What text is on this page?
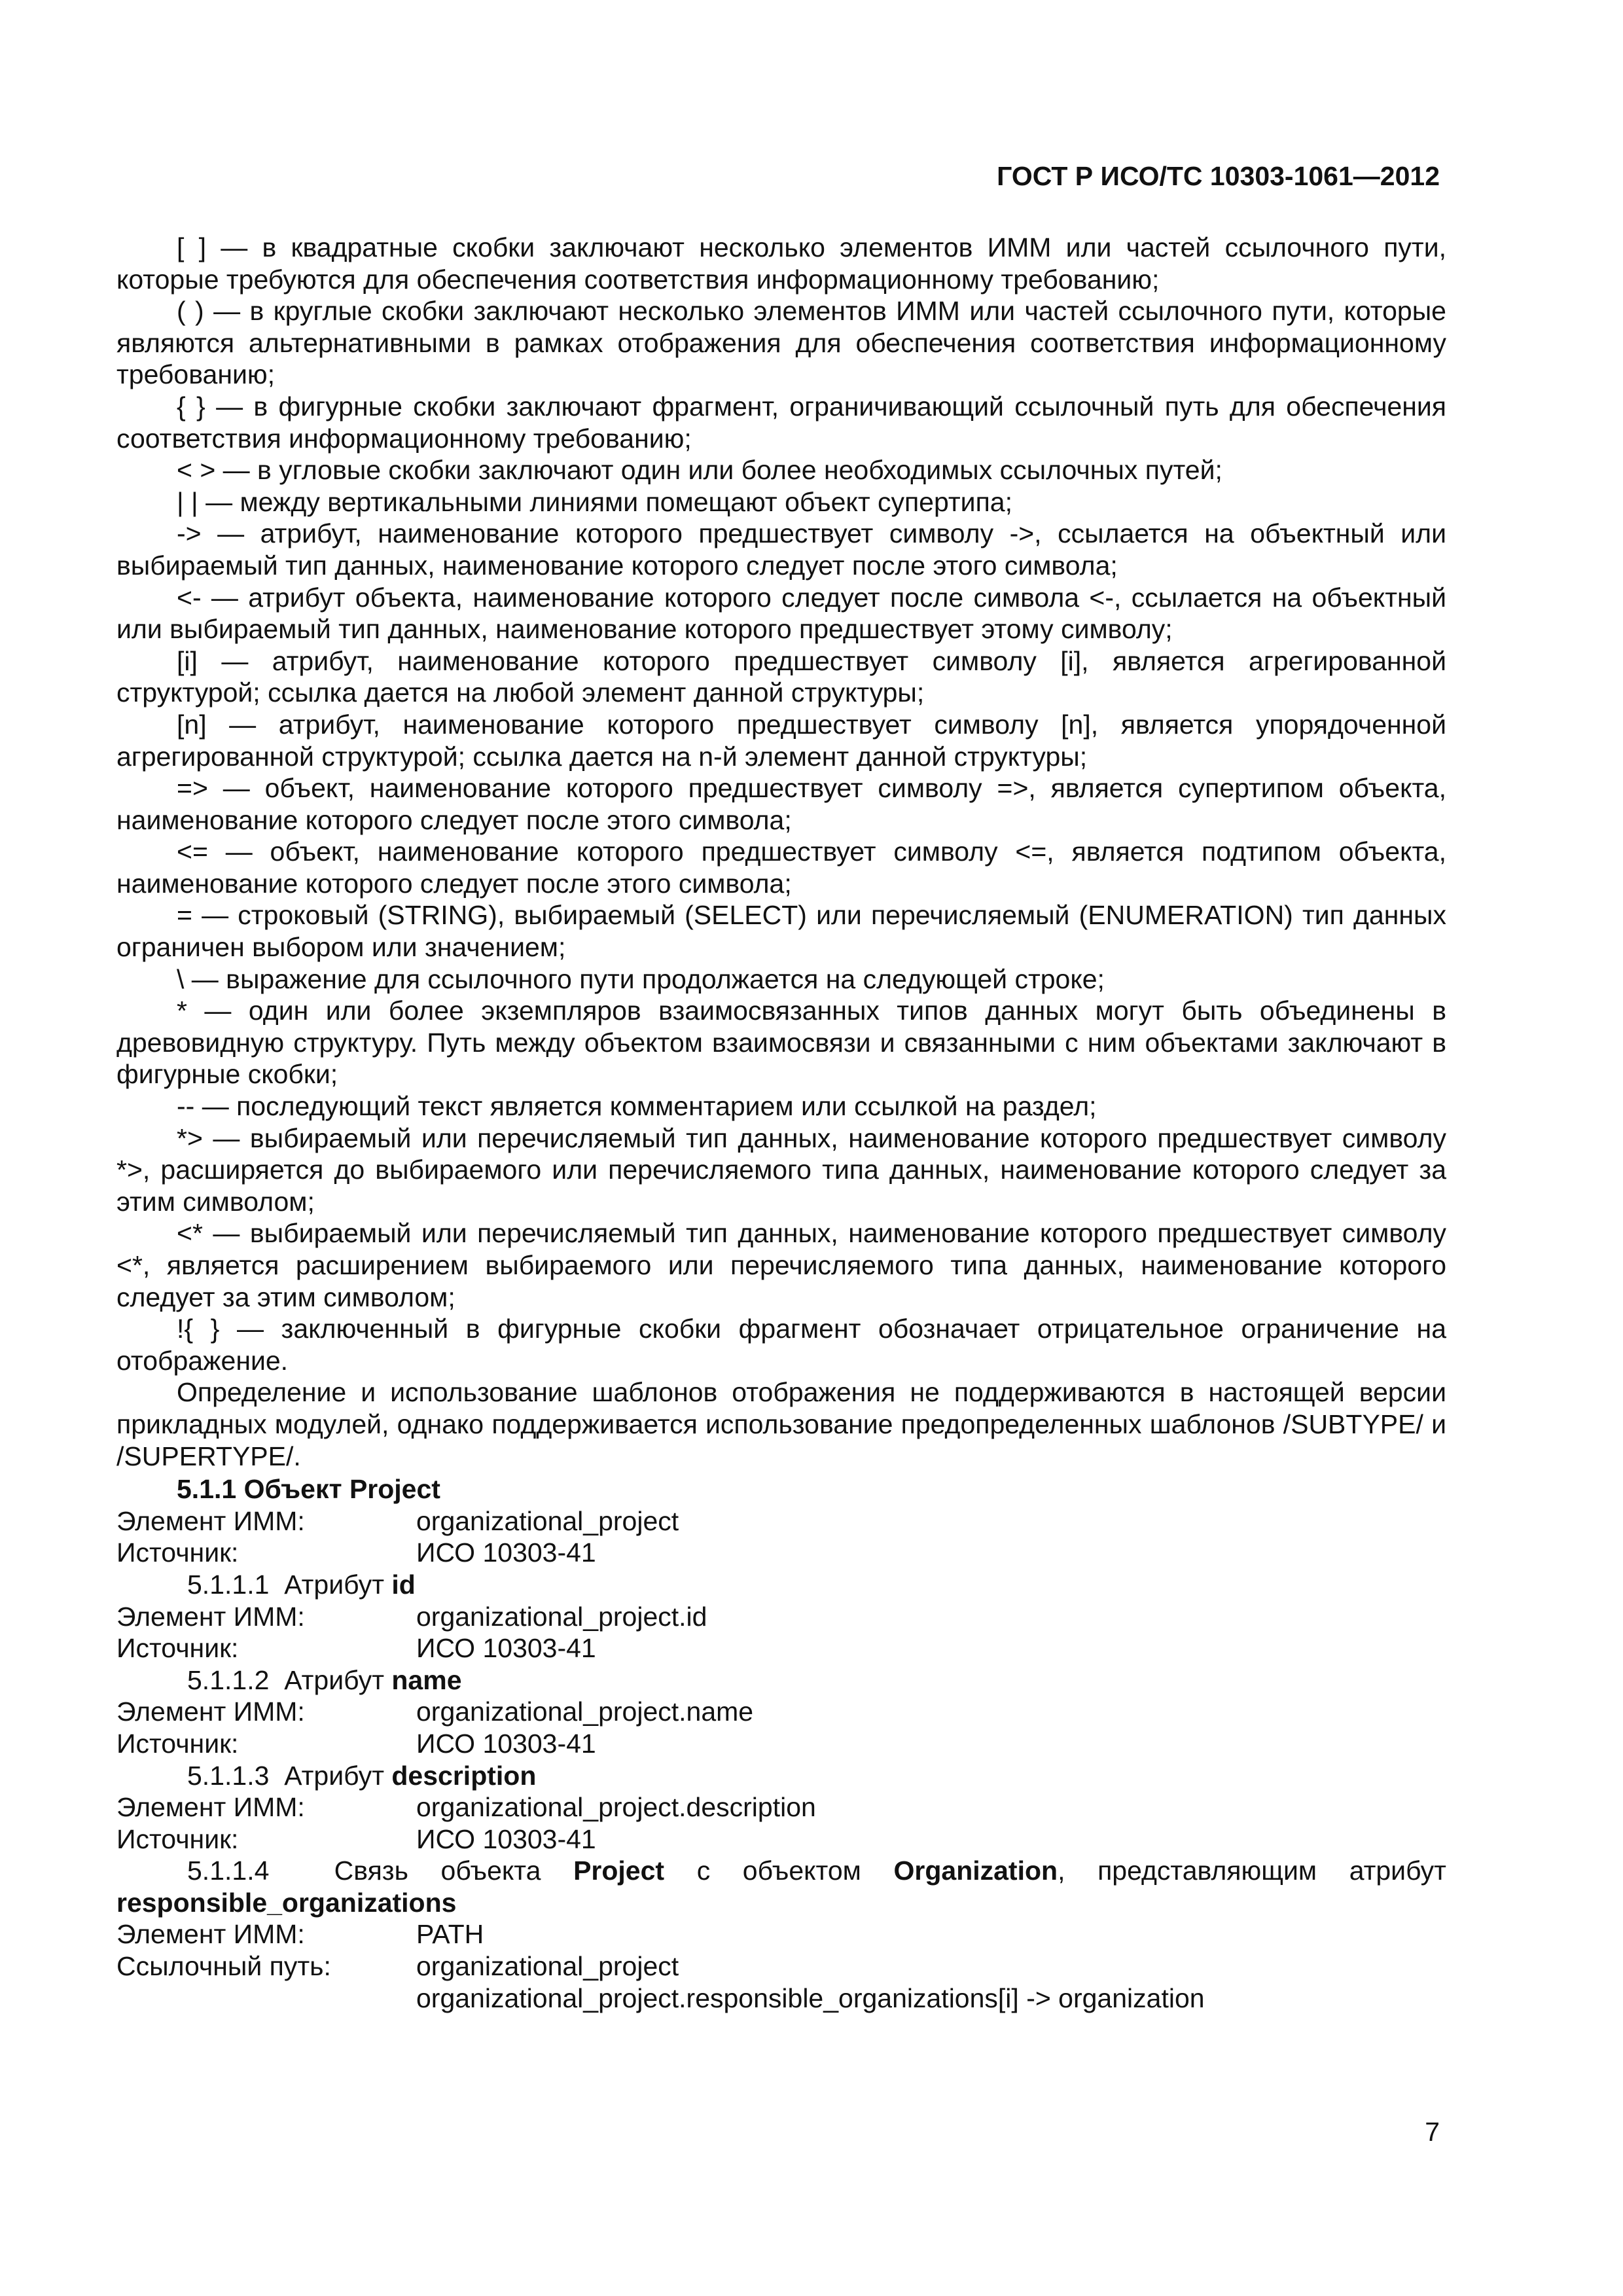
ГОСТ Р ИСО/ТС 10303-1061—2012

[ ] — в квадратные скобки заключают несколько элементов ИММ или частей ссылочного пути, которые требуются для обеспечения соответствия информационному требованию;

( ) — в круглые скобки заключают несколько элементов ИММ или частей ссылочного пути, которые являются альтернативными в рамках отображения для обеспечения соответствия информационному требованию;

{ } — в фигурные скобки заключают фрагмент, ограничивающий ссылочный путь для обеспечения соответствия информационному требованию;

< > — в угловые скобки заключают один или более необходимых ссылочных путей;

| | — между вертикальными линиями помещают объект супертипа;

-> — атрибут, наименование которого предшествует символу ->, ссылается на объектный или выбираемый тип данных, наименование которого следует после этого символа;

<- — атрибут объекта, наименование которого следует после символа <-, ссылается на объектный или выбираемый тип данных, наименование которого предшествует этому символу;

[i] — атрибут, наименование которого предшествует символу [i], является агрегированной структурой; ссылка дается на любой элемент данной структуры;

[n] — атрибут, наименование которого предшествует символу [n], является упорядоченной агрегированной структурой; ссылка дается на n-й элемент данной структуры;

=> — объект, наименование которого предшествует символу =>, является супертипом объекта, наименование которого следует после этого символа;

<= — объект, наименование которого предшествует символу <=, является подтипом объекта, наименование которого следует после этого символа;

= — строковый (STRING), выбираемый (SELECT) или перечисляемый (ENUMERATION) тип данных ограничен выбором или значением;

\ — выражение для ссылочного пути продолжается на следующей строке;

* — один или более экземпляров взаимосвязанных типов данных могут быть объединены в древовидную структуру. Путь между объектом взаимосвязи и связанными с ним объектами заключают в фигурные скобки;

-- — последующий текст является комментарием или ссылкой на раздел;

*> — выбираемый или перечисляемый тип данных, наименование которого предшествует символу *>, расширяется до выбираемого или перечисляемого типа данных, наименование которого следует за этим символом;

<* — выбираемый или перечисляемый тип данных, наименование которого предшествует символу <*, является расширением выбираемого или перечисляемого типа данных, наименование которого следует за этим символом;

!{ } — заключенный в фигурные скобки фрагмент обозначает отрицательное ограничение на отображение.

Определение и использование шаблонов отображения не поддерживаются в настоящей версии прикладных модулей, однако поддерживается использование предопределенных шаблонов /SUBTYPE/ и /SUPERTYPE/.

5.1.1 Объект Project

Элемент ИММ:	organizational_project
Источник:	ИСО 10303-41

5.1.1.1 Атрибут id

Элемент ИММ:	organizational_project.id
Источник:	ИСО 10303-41

5.1.1.2 Атрибут name

Элемент ИММ:	organizational_project.name
Источник:	ИСО 10303-41

5.1.1.3 Атрибут description

Элемент ИММ:	organizational_project.description
Источник:	ИСО 10303-41

5.1.1.4 Связь объекта Project с объектом Organization, представляющим атрибут responsible_organizations

Элемент ИММ:	PATH
Ссылочный путь:	organizational_project
organizational_project.responsible_organizations[i] -> organization
7
